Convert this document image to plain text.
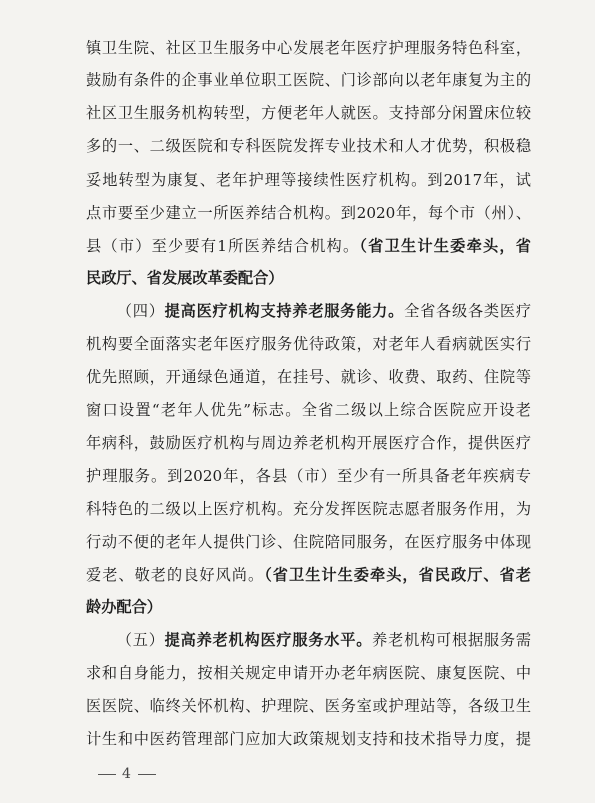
镇卫生院、社区卫生服务中心发展老年医疗护理服务特色科室，
鼓励有条件的企事业单位职工医院、门诊部向以老年康复为主的
社区卫生服务机构转型，方便老年人就医。支持部分闲置床位较
多的一、二级医院和专科医院发挥专业技术和人才优势，积极稳
妥地转型为康复、老年护理等接续性医疗机构。到2017年，试
点市要至少建立一所医养结合机构。到2020年，每个市（州）、
县（市）至少要有1所医养结合机构。（省卫生计生委牵头，省
民政厅、省发展改革委配合）
（四）提高医疗机构支持养老服务能力。全省各级各类医疗
机构要全面落实老年医疗服务优待政策，对老年人看病就医实行
优先照顾，开通绿色通道，在挂号、就诊、收费、取药、住院等
窗口设置“老年人优先”标志。全省二级以上综合医院应开设老
年病科，鼓励医疗机构与周边养老机构开展医疗合作，提供医疗
护理服务。到2020年，各县（市）至少有一所具备老年疾病专
科特色的二级以上医疗机构。充分发挥医院志愿者服务作用，为
行动不便的老年人提供门诊、住院陪同服务，在医疗服务中体现
爱老、敬老的良好风尚。（省卫生计生委牵头，省民政厅、省老
龄办配合）
（五）提高养老机构医疗服务水平。养老机构可根据服务需
求和自身能力，按相关规定申请开办老年病医院、康复医院、中
医医院、临终关怀机构、护理院、医务室或护理站等，各级卫生
计生和中医药管理部门应加大政策规划支持和技术指导力度，提
4
